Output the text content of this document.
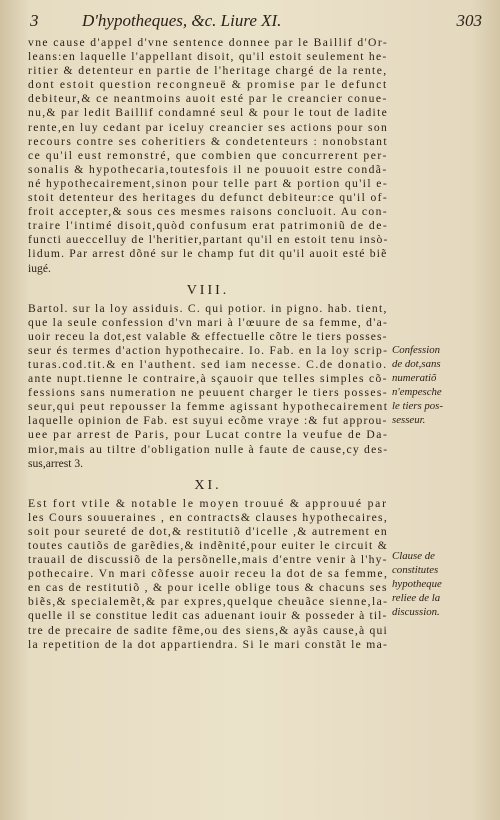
3	D'hypotheques, &c. Liure XI.	303
vne cause d'appel d'vne sentence donnee par le Baillif d'Or-
leans:en laquelle l'appellant disoit, qu'il estoit seulement he-
ritier & detenteur en partie de l'heritage chargé de la rente,
dont estoit question recongneuë & promise par le defunct
debiteur,& ce neantmoins auoit esté par le creancier conue-
nu,& par ledit Baillif condamné seul & pour le tout de ladite
rente,en luy cedant par iceluy creancier ses actions pour son
recours contre ses coheritiers & condetenteurs : nonobstant
ce qu'il eust remonstré, que combien que concurrerent per-
sonalis & hypothecaria,toutesfois il ne pouuoit estre condã-
né hypothecairement,sinon pour telle part & portion qu'il e-
stoit detenteur des heritages du defunct debiteur:ce qu'il of-
froit accepter,& sous ces mesmes raisons concluoit. Au con-
traire l'intimé disoit,quòd confusum erat patrimoniũ de de-
functi aueccelluy de l'heritier,partant qu'il en estoit tenu insò-
lidum. Par arrest dõné sur le champ fut dit qu'il auoit esté biẽ
iugé.
VIII.
Bartol. sur la loy assiduis. C. qui potior. in pigno. hab. tient,
que la seule confession d'vn mari à l'œuure de sa femme, d'a-
uoir receu la dot,est valable & effectuelle cõtre le tiers posses-
seur és termes d'action hypothecaire. Io. Fab. en la loy scrip-
turas.cod.tit.& en l'authent. sed iam necesse. C.de donatio.
ante nupt.tienne le contraire,à sçauoir que telles simples cõ-
fessions sans numeration ne peuuent charger le tiers posses-
seur,qui peut repousser la femme agissant hypothecairement
laquelle opinion de Fab. est suyui ecõme vraye :& fut approu-
uee par arrest de Paris, pour Lucat contre la veufue de Da-
mior,mais au tiltre d'obligation nulle à faute de cause,cy des-
sus,arrest 3.
XI.
Est fort vtile & notable le moyen trouué & approuué par
les Cours souueraines , en contracts& clauses hypothecaires,
soit pour seureté de dot,& restitutiõ d'icelle ,& autrement en
toutes cautiõs de garẽdies,& indẽnité,pour euiter le circuit &
trauail de discussiõ de la persõnelle,mais d'entre venir à l'hy-
pothecaire. Vn mari cõfesse auoir receu la dot de sa femme,
en cas de restitutiõ , & pour icelle oblige tous & chacuns ses
biẽs,& specialemẽt,& par expres,quelque cheuãce sienne,la-
quelle il se constitue ledit cas aduenant iouir & posseder à til-
tre de precaire de sadite fẽme,ou des siens,& ayãs cause,à qui
la repetition de la dot appartiendra. Si le mari constãt le ma-
Confession
de dot,sans
numeratiõ
n'empesche
le tiers pos-
sesseur.
Clause de
constitutes
hypotheque
reliee de la
discussion.
